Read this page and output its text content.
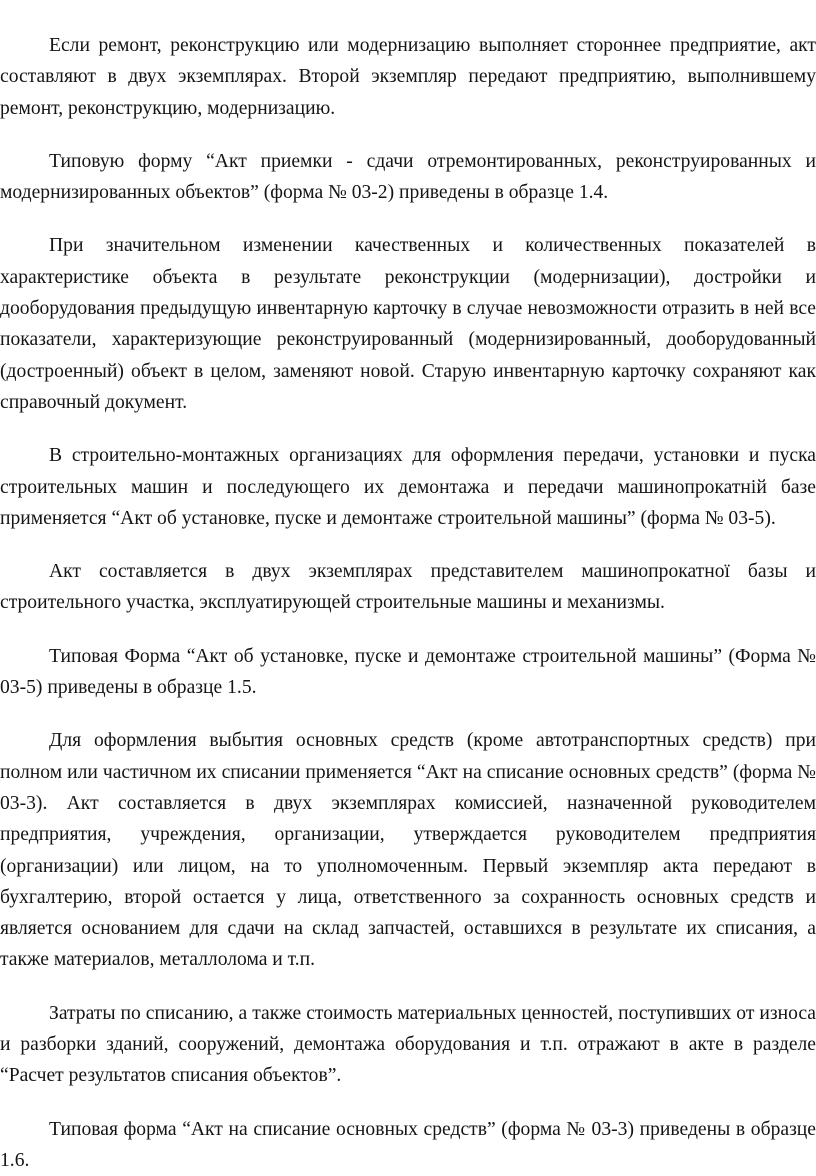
Если ремонт, реконструкцию или модернизацию выполняет стороннее предприятие, акт составляют в двух экземплярах. Второй экземпляр передают предприятию, выполнившему ремонт, реконструкцию, модернизацию.

Типовую форму “Акт приемки - сдачи отремонтированных, реконструированных и модернизированных объектов” (форма № 03-2) приведены в образце 1.4.

При значительном изменении качественных и количественных показателей в характеристике объекта в результате реконструкции (модернизации), достройки и дооборудования предыдущую инвентарную карточку в случае невозможности отразить в ней все показатели, характеризующие реконструированный (модернизированный, дооборудованный (достроенный) объект в целом, заменяют новой. Старую инвентарную карточку сохраняют как справочный документ.

В строительно-монтажных организациях для оформления передачи, установки и пуска строительных машин и последующего их демонтажа и передачи машинопрокатнiй базе применяется “Акт об установке, пуске и демонтаже строительной машины” (форма № 03-5).

Акт составляется в двух экземплярах представителем машинопрокатноï базы и строительного участка, эксплуатирующей строительные машины и механизмы.

Типовая Форма “Акт об установке, пуске и демонтаже строительной машины” (Форма № 03-5) приведены в образце 1.5.

Для оформления выбытия основных средств (кроме автотранспортных средств) при полном или частичном их списании применяется “Акт на списание основных средств” (форма № 03-3). Акт составляется в двух экземплярах комиссией, назначенной руководителем предприятия, учреждения, организации, утверждается руководителем предприятия (организации) или лицом, на то уполномоченным. Первый экземпляр акта передают в бухгалтерию, второй остается у лица, ответственного за сохранность основных средств и является основанием для сдачи на склад запчастей, оставшихся в результате их списания, а также материалов, металлолома и т.п.

Затраты по списанию, а также стоимость материальных ценностей, поступивших от износа и разборки зданий, сооружений, демонтажа оборудования и т.п. отражают в акте в разделе “Расчет результатов списания объектов”.

Типовая форма “Акт на списание основных средств” (форма № 03-3) приведены в образце 1.6.
